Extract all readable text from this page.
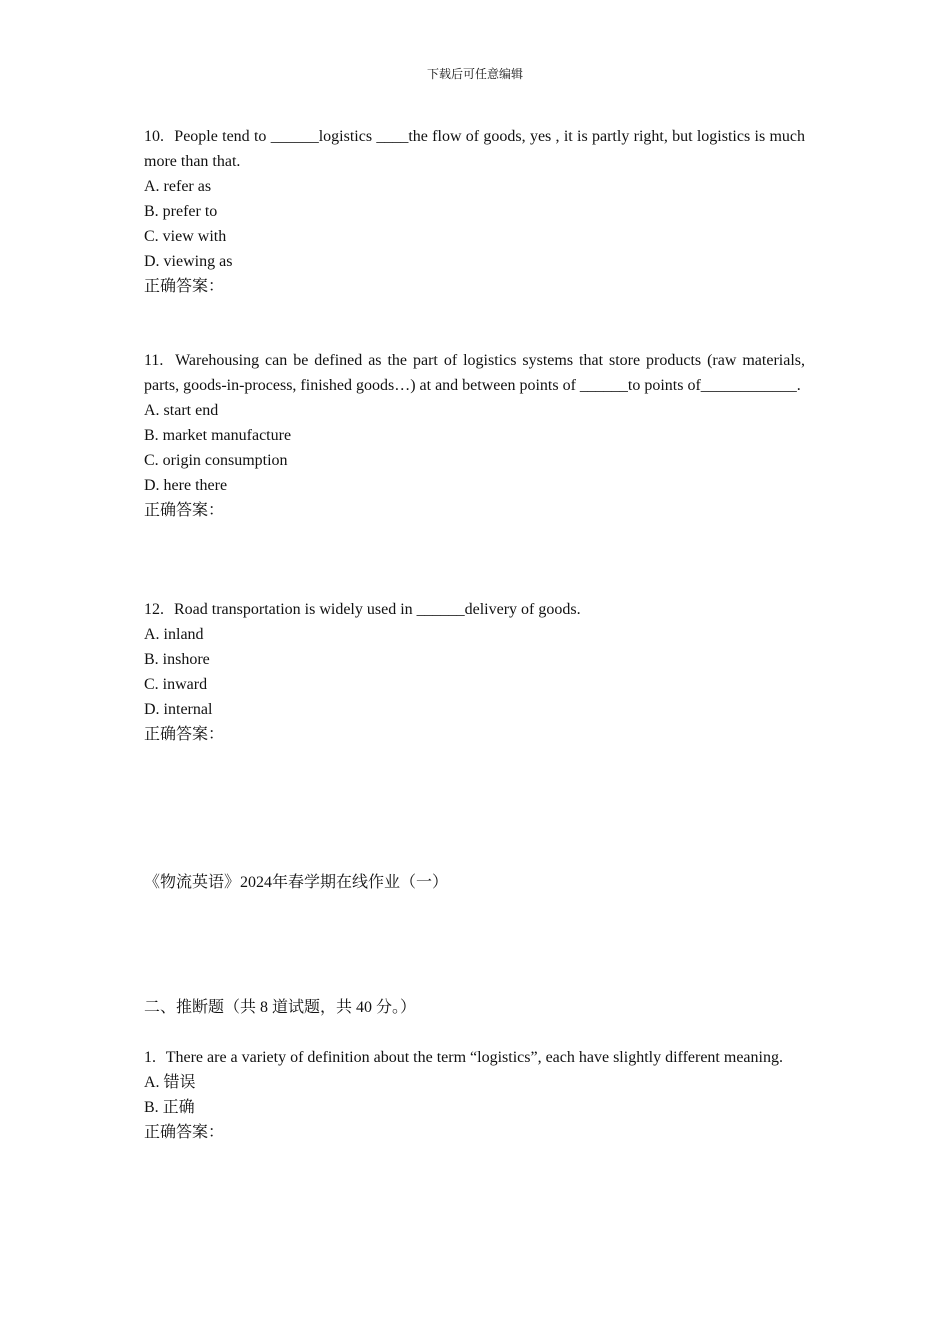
下载后可任意编辑
10. People tend to ______logistics ____the flow of goods, yes , it is partly right, but logistics is much more than that.
A. refer as
B. prefer to
C. view with
D. viewing as
正确答案：
11. Warehousing can be defined as the part of logistics systems that store products (raw materials, parts, goods-in-process, finished goods…) at and between points of ______to points of____________.
A. start end
B. market manufacture
C. origin consumption
D. here there
正确答案：
12. Road transportation is widely used in ______delivery of goods.
A. inland
B. inshore
C. inward
D. internal
正确答案：
《物流英语》2024年春学期在线作业（一）
二、推断题（共 8 道试题，共 40 分。）
1. There are a variety of definition about the term “logistics”, each have slightly different meaning.
A. 错误
B. 正确
正确答案：
